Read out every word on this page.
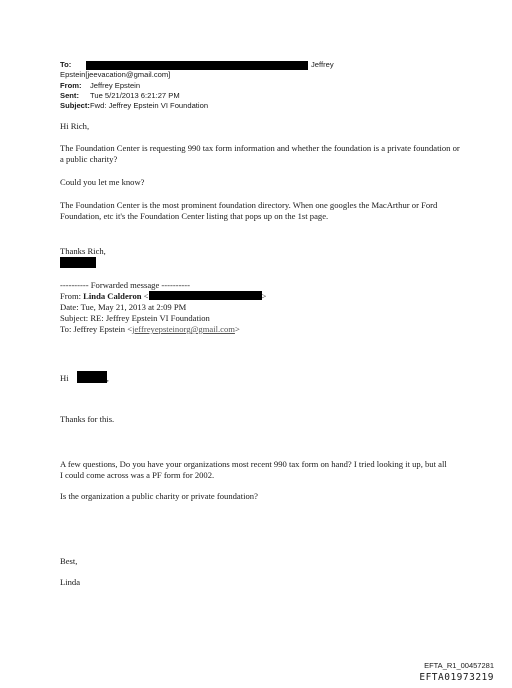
To:	Jeffrey
Epstein[jeevacation@gmail.com]
From:	Jeffrey Epstein
Sent:	Tue 5/21/2013 6:21:27 PM
Subject: Fwd: Jeffrey Epstein VI Foundation
Hi Rich,
The Foundation Center is requesting 990 tax form information and whether the foundation is a private foundation or a public charity?
Could you let me know?
The Foundation Center is the most prominent foundation directory. When one googles the MacArthur or Ford Foundation, etc it's the Foundation Center listing that pops up on the 1st page.
Thanks Rich,
---------- Forwarded message ----------
From: Linda Calderon <	>
Date: Tue, May 21, 2013 at 2:09 PM
Subject: RE: Jeffrey Epstein VI Foundation
To: Jeffrey Epstein <jeffreyepsteinorg@gmail.com>
Hi	,
Thanks for this.
A few questions, Do you have your organizations most recent 990 tax form on hand? I tried looking it up, but all I could come across was a PF form for 2002.
Is the organization a public charity or private foundation?
Best,
Linda
EFTA_R1_00457281
EFTA01973219
